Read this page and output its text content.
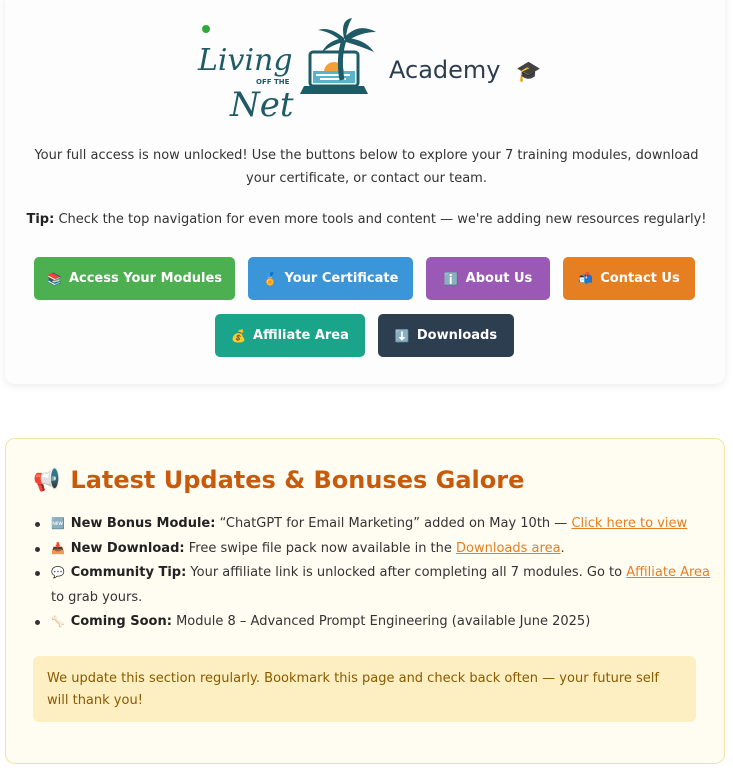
Living
OFF THE
Net
Academy 🎓

Your full access is now unlocked! Use the buttons below to explore your 7 training modules, download your certificate, or contact our team.

Tip: Check the top navigation for even more tools and content — we're adding new resources regularly!

📚 Access Your Modules	🏅 Your Certificate	ℹ️ About Us	📬 Contact Us
💰 Affiliate Area	⬇️ Downloads
📢 Latest Updates & Bonuses Galore
🆕 New Bonus Module: “ChatGPT for Email Marketing” added on May 10th — Click here to view
📥 New Download: Free swipe file pack now available in the Downloads area.
💬 Community Tip: Your affiliate link is unlocked after completing all 7 modules. Go to Affiliate Area to grab yours.
🦴 Coming Soon: Module 8 – Advanced Prompt Engineering (available June 2025)
We update this section regularly. Bookmark this page and check back often — your future self will thank you!
